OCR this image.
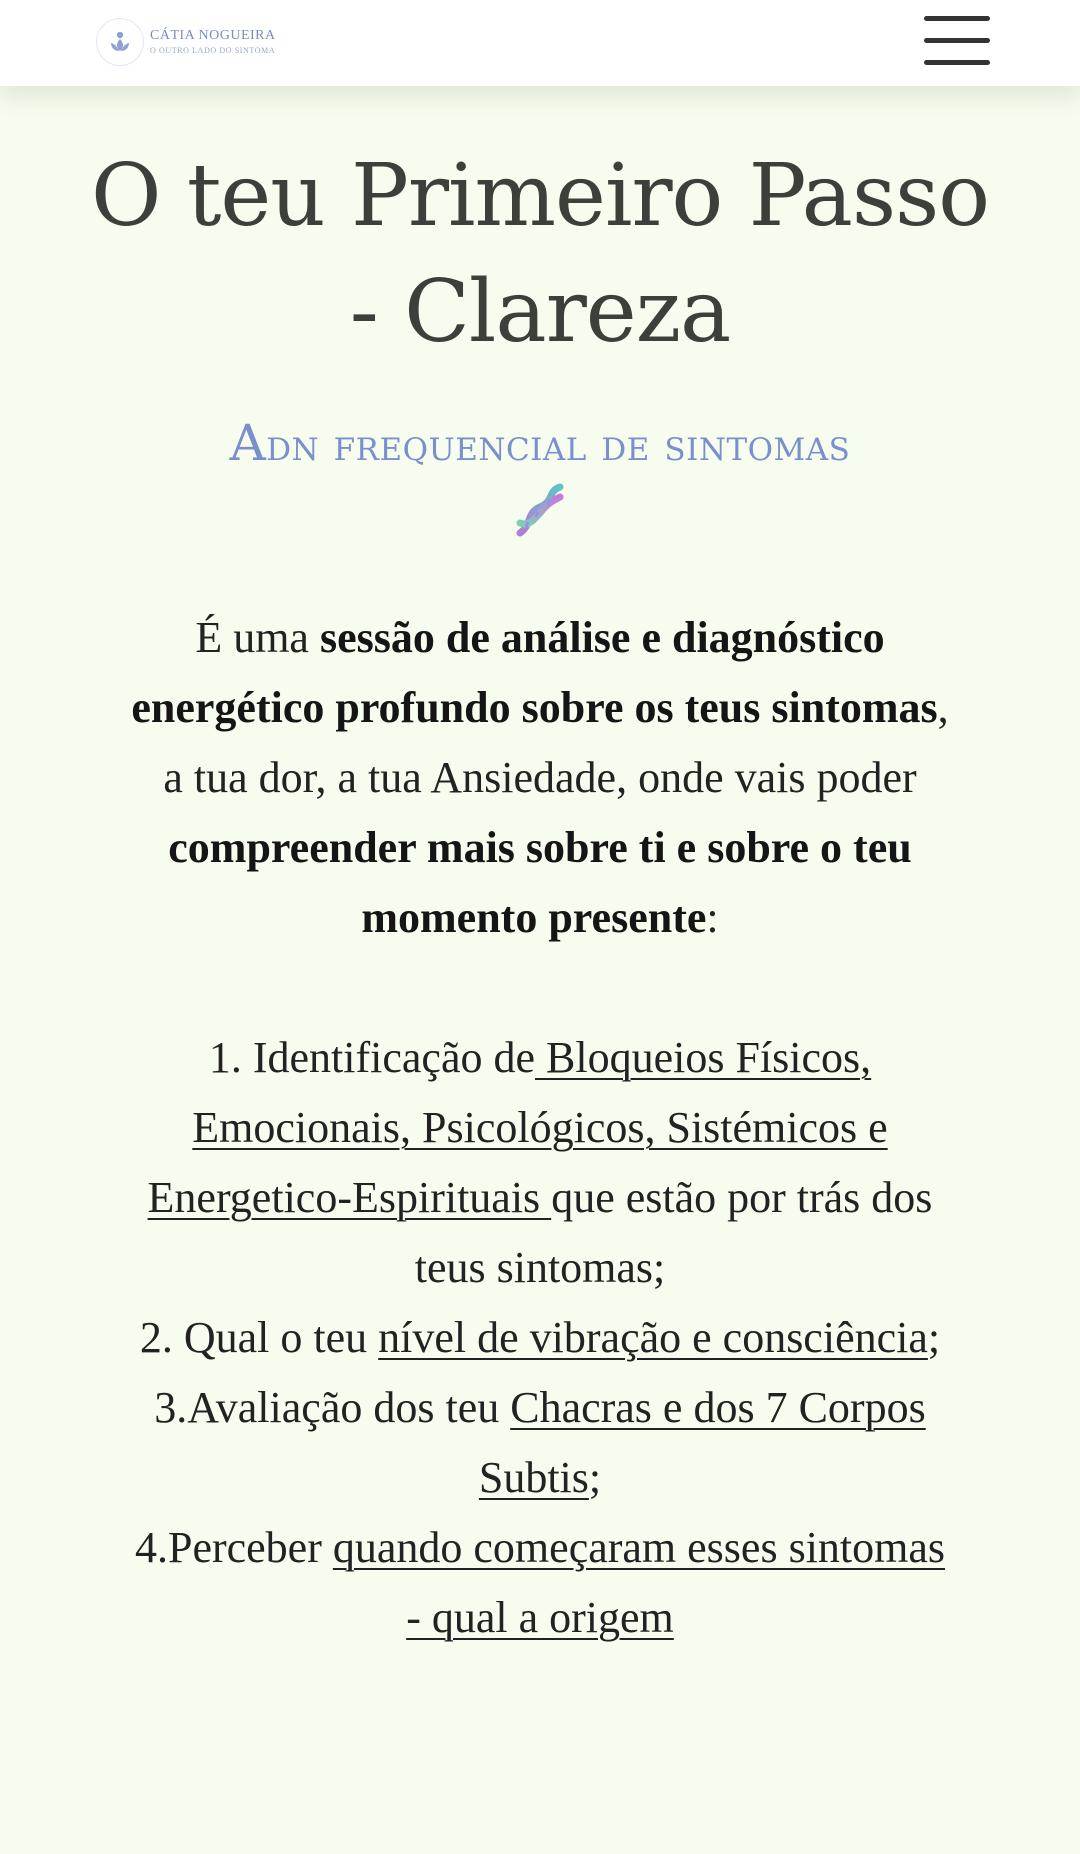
CÁTIA NOGUEIRA
O OUTRO LADO DO SINTOMA
O teu Primeiro Passo - Clareza
Adn frequencial de sintomas

É uma sessão de análise e diagnóstico energético profundo sobre os teus sintomas, a tua dor, a tua Ansiedade, onde vais poder compreender mais sobre ti e sobre o teu momento presente:

1. Identificação de Bloqueios Físicos, Emocionais, Psicológicos, Sistémicos e Energetico-Espirituais que estão por trás dos teus sintomas;
2. Qual o teu nível de vibração e consciência;
3.Avaliação dos teu Chacras e dos 7 Corpos Subtis;
4.Perceber quando começaram esses sintomas - qual a origem
